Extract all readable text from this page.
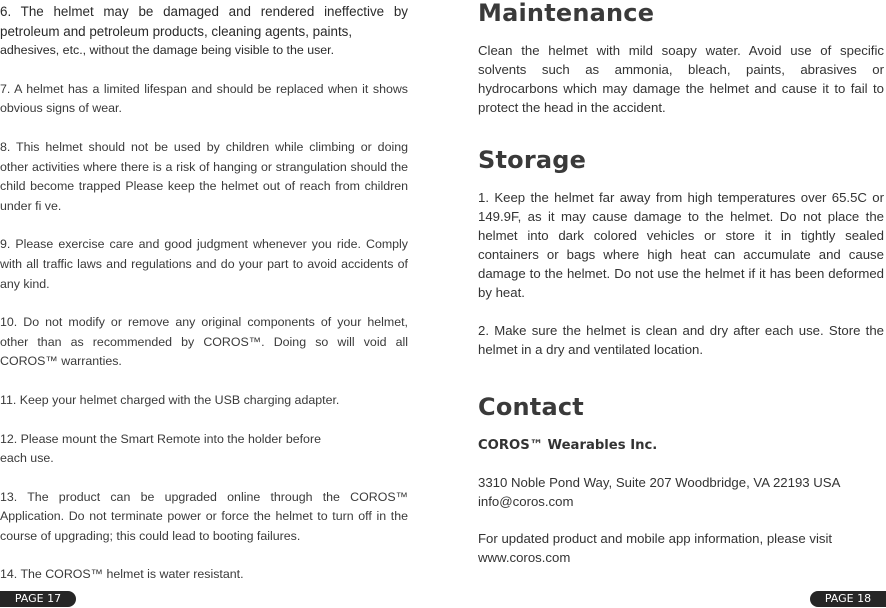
6. The helmet may be damaged and rendered ineffective by petroleum and petroleum products, cleaning agents, paints,
adhesives, etc., without the damage being visible to the user.

7. A helmet has a limited lifespan and should be replaced when it shows obvious signs of wear.

8. This helmet should not be used by children while climbing or doing other activities where there is a risk of hanging or strangulation should the child become trapped Please keep the helmet out of reach from children under fi ve.

9. Please exercise care and good judgment whenever you ride. Comply with all traffic laws and regulations and do your part to avoid accidents of any kind.

10. Do not modify or remove any original components of your helmet, other than as recommended by COROS™. Doing so will void all COROS™ warranties.

11. Keep your helmet charged with the USB charging adapter.

12. Please mount the Smart Remote into the holder before
each use.

13. The product can be upgraded online through the COROS™ Application. Do not terminate power or force the helmet to turn off in the course of upgrading; this could lead to booting failures.

14. The COROS™ helmet is water resistant.

Maintenance

Clean the helmet with mild soapy water. Avoid use of specific solvents such as ammonia, bleach, paints, abrasives or hydrocarbons which may damage the helmet and cause it to fail to protect the head in the accident.

Storage

1. Keep the helmet far away from high temperatures over 65.5C or 149.9F, as it may cause damage to the helmet. Do not place the helmet into dark colored vehicles or store it in tightly sealed containers or bags where high heat can accumulate and cause damage to the helmet. Do not use the helmet if it has been deformed by heat.

2. Make sure the helmet is clean and dry after each use. Store the helmet in a dry and ventilated location.

Contact

COROS™ Wearables Inc.

3310 Noble Pond Way, Suite 207 Woodbridge, VA 22193 USA
info@coros.com

For updated product and mobile app information, please visit
www.coros.com

PAGE 17	PAGE 18
